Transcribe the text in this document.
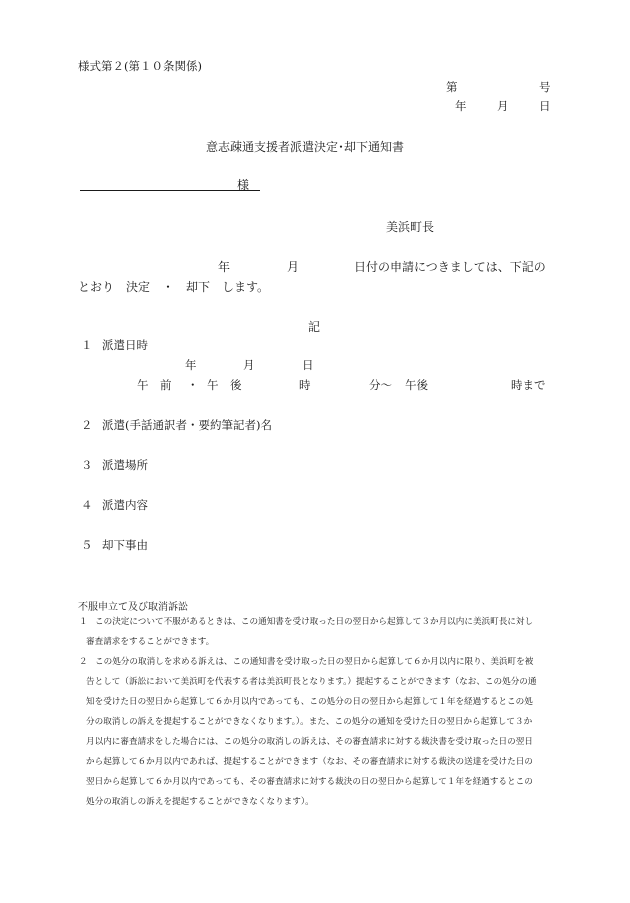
様式第２(第１０条関係)
第	号
年	月	日
意志疎通支援者派遣決定･却下通知書
様
美浜町長
年	月	日付の申請につきましては、下記の
とおり　決定　・　却下　します。
記
１ 派遣日時
年	月	日
午　前 ・ 午　後	時	分～ 午後	時まで
２ 派遣(手話通訳者・要約筆記者)名
３ 派遣場所
４ 派遣内容
５ 却下事由
不服申立て及び取消訴訟
１ この決定について不服があるときは、この通知書を受け取った日の翌日から起算して３か月以内に美浜町長に対し
審査請求をすることができます。
２ この処分の取消しを求める訴えは、この通知書を受け取った日の翌日から起算して６か月以内に限り、美浜町を被
告として（訴訟において美浜町を代表する者は美浜町長となります。）提起することができます（なお、この処分の通
知を受けた日の翌日から起算して６か月以内であっても、この処分の日の翌日から起算して１年を経過するとこの処
分の取消しの訴えを提起することができなくなります。）。また、この処分の通知を受けた日の翌日から起算して３か
月以内に審査請求をした場合には、この処分の取消しの訴えは、その審査請求に対する裁決書を受け取った日の翌日
から起算して６か月以内であれば、提起することができます（なお、その審査請求に対する裁決の送達を受けた日の
翌日から起算して６か月以内であっても、その審査請求に対する裁決の日の翌日から起算して１年を経過するとこの
処分の取消しの訴えを提起することができなくなります）。
